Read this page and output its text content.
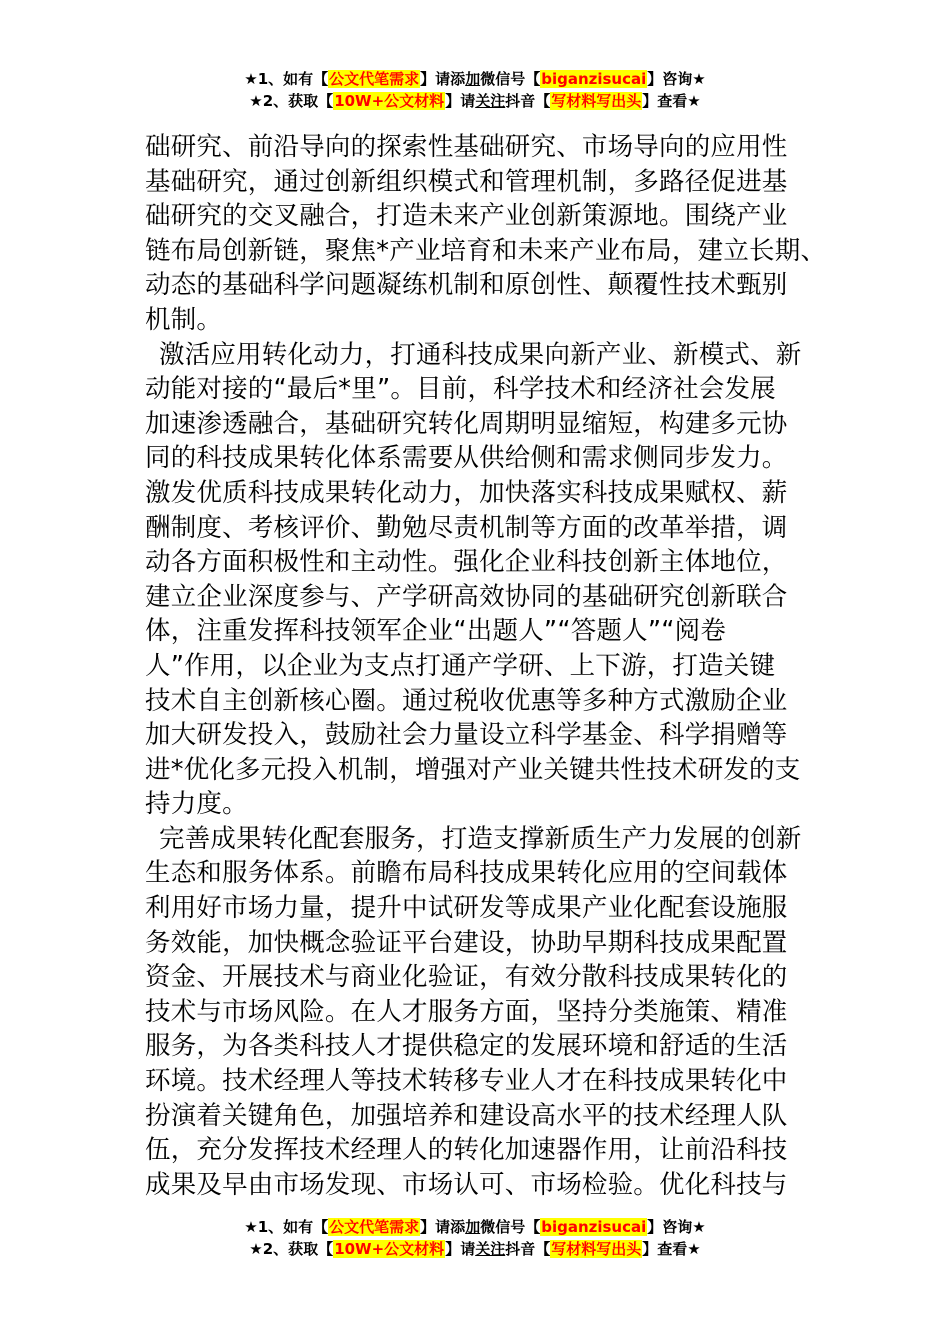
★1、如有【公文代笔需求】请添加微信号【biganzisucai】咨询★
★2、获取【10W+公文材料】请关注抖音【写材料写出头】查看★
础研究、前沿导向的探索性基础研究、市场导向的应用性
基础研究，通过创新组织模式和管理机制，多路径促进基
础研究的交叉融合，打造未来产业创新策源地。围绕产业
链布局创新链，聚焦*产业培育和未来产业布局，建立长期、
动态的基础科学问题凝练机制和原创性、颠覆性技术甄别
机制。
激活应用转化动力，打通科技成果向新产业、新模式、新
动能对接的“最后*里”。目前，科学技术和经济社会发展
加速渗透融合，基础研究转化周期明显缩短，构建多元协
同的科技成果转化体系需要从供给侧和需求侧同步发力。
激发优质科技成果转化动力，加快落实科技成果赋权、薪
酬制度、考核评价、勤勉尽责机制等方面的改革举措，调
动各方面积极性和主动性。强化企业科技创新主体地位，
建立企业深度参与、产学研高效协同的基础研究创新联合
体，注重发挥科技领军企业“出题人”“答题人”“阅卷
人”作用，以企业为支点打通产学研、上下游，打造关键
技术自主创新核心圈。通过税收优惠等多种方式激励企业
加大研发投入，鼓励社会力量设立科学基金、科学捐赠等
进*优化多元投入机制，增强对产业关键共性技术研发的支
持力度。
完善成果转化配套服务，打造支撑新质生产力发展的创新
生态和服务体系。前瞻布局科技成果转化应用的空间载体
利用好市场力量，提升中试研发等成果产业化配套设施服
务效能，加快概念验证平台建设，协助早期科技成果配置
资金、开展技术与商业化验证，有效分散科技成果转化的
技术与市场风险。在人才服务方面，坚持分类施策、精准
服务，为各类科技人才提供稳定的发展环境和舒适的生活
环境。技术经理人等技术转移专业人才在科技成果转化中
扮演着关键角色，加强培养和建设高水平的技术经理人队
伍，充分发挥技术经理人的转化加速器作用，让前沿科技
成果及早由市场发现、市场认可、市场检验。优化科技与
★1、如有【公文代笔需求】请添加微信号【biganzisucai】咨询★
★2、获取【10W+公文材料】请关注抖音【写材料写出头】查看★
